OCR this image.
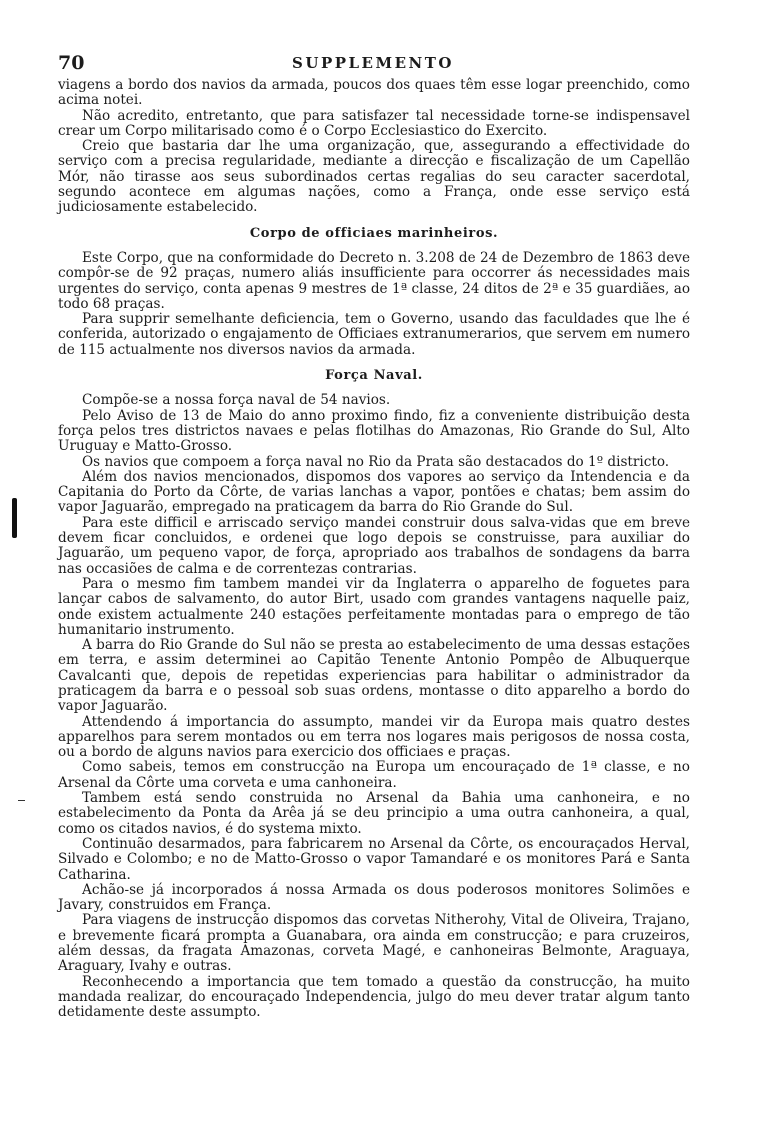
70	SUPPLEMENTO

viagens a bordo dos navios da armada, poucos dos quaes têm esse logar preenchido, como acima notei.

Não acredito, entretanto, que para satisfazer tal necessidade torne-se indispensavel crear um Corpo militarisado como é o Corpo Ecclesiastico do Exercito.

Creio que bastaria dar lhe uma organização, que, assegurando a effectividade do serviço com a precisa regularidade, mediante a direcção e fiscalização de um Capellão Mór, não tirasse aos seus subordinados certas regalias do seu caracter sacerdotal, segundo acontece em algumas nações, como a França, onde esse serviço está judiciosamente estabelecido.

Corpo de officiaes marinheiros.

Este Corpo, que na conformidade do Decreto n. 3.208 de 24 de Dezembro de 1863 deve compôr-se de 92 praças, numero aliás insufficiente para occorrer ás necessidades mais urgentes do serviço, conta apenas 9 mestres de 1ª classe, 24 ditos de 2ª e 35 guardiães, ao todo 68 praças.

Para supprir semelhante deficiencia, tem o Governo, usando das faculdades que lhe é conferida, autorizado o engajamento de Officiaes extranumerarios, que servem em numero de 115 actualmente nos diversos navios da armada.

Força Naval.

Compõe-se a nossa força naval de 54 navios.

Pelo Aviso de 13 de Maio do anno proximo findo, fiz a conveniente distribuição desta força pelos tres districtos navaes e pelas flotilhas do Amazonas, Rio Grande do Sul, Alto Uruguay e Matto-Grosso.

Os navios que compoem a força naval no Rio da Prata são destacados do 1º districto.

Além dos navios mencionados, dispomos dos vapores ao serviço da Intendencia e da Capitania do Porto da Côrte, de varias lanchas a vapor, pontões e chatas; bem assim do vapor Jaguarão, empregado na praticagem da barra do Rio Grande do Sul.

Para este difficil e arriscado serviço mandei construir dous salva-vidas que em breve devem ficar concluidos, e ordenei que logo depois se construisse, para auxiliar do Jaguarão, um pequeno vapor, de força, apropriado aos trabalhos de sondagens da barra nas occasiões de calma e de correntezas contrarias.

Para o mesmo fim tambem mandei vir da Inglaterra o apparelho de foguetes para lançar cabos de salvamento, do autor Birt, usado com grandes vantagens naquelle paiz, onde existem actualmente 240 estações perfeitamente montadas para o emprego de tão humanitario instrumento.

A barra do Rio Grande do Sul não se presta ao estabelecimento de uma dessas estações em terra, e assim determinei ao Capitão Tenente Antonio Pompêo de Albuquerque Cavalcanti que, depois de repetidas experiencias para habilitar o administrador da praticagem da barra e o pessoal sob suas ordens, montasse o dito apparelho a bordo do vapor Jaguarão.

Attendendo á importancia do assumpto, mandei vir da Europa mais quatro destes apparelhos para serem montados ou em terra nos logares mais perigosos de nossa costa, ou a bordo de alguns navios para exercicio dos officiaes e praças.

Como sabeis, temos em construcção na Europa um encouraçado de 1ª classe, e no Arsenal da Côrte uma corveta e uma canhoneira.

Tambem está sendo construida no Arsenal da Bahia uma canhoneira, e no estabelecimento da Ponta da Arêa já se deu principio a uma outra canhoneira, a qual, como os citados navios, é do systema mixto.

Continuão desarmados, para fabricarem no Arsenal da Côrte, os encouraçados Herval, Silvado e Colombo; e no de Matto-Grosso o vapor Tamandaré e os monitores Pará e Santa Catharina.

Achão-se já incorporados á nossa Armada os dous poderosos monitores Solimões e Javary, construidos em França.

Para viagens de instrucção dispomos das corvetas Nitherohy, Vital de Oliveira, Trajano, e brevemente ficará prompta a Guanabara, ora ainda em construcção; e para cruzeiros, além dessas, da fragata Amazonas, corveta Magé, e canhoneiras Belmonte, Araguaya, Araguary, Ivahy e outras.

Reconhecendo a importancia que tem tomado a questão da construcção, ha muito mandada realizar, do encouraçado Independencia, julgo do meu dever tratar algum tanto detidamente deste assumpto.
